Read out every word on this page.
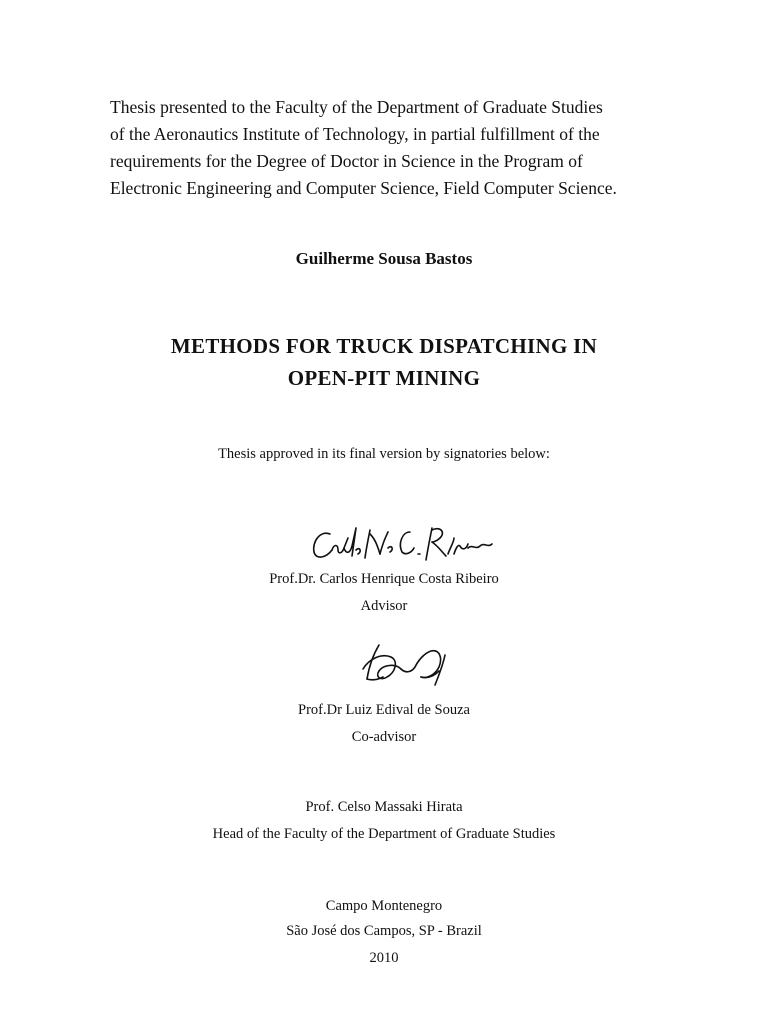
Thesis presented to the Faculty of the Department of Graduate Studies
of the Aeronautics Institute of Technology, in partial fulfillment of the
requirements for the Degree of Doctor in Science in the Program of
Electronic Engineering and Computer Science, Field Computer Science.
Guilherme Sousa Bastos
METHODS FOR TRUCK DISPATCHING IN
OPEN-PIT MINING
Thesis approved in its final version by signatories below:
Prof.Dr. Carlos Henrique Costa Ribeiro
Advisor
Prof.Dr Luiz Edival de Souza
Co-advisor
Prof. Celso Massaki Hirata
Head of the Faculty of the Department of Graduate Studies
Campo Montenegro
São José dos Campos, SP - Brazil
2010
